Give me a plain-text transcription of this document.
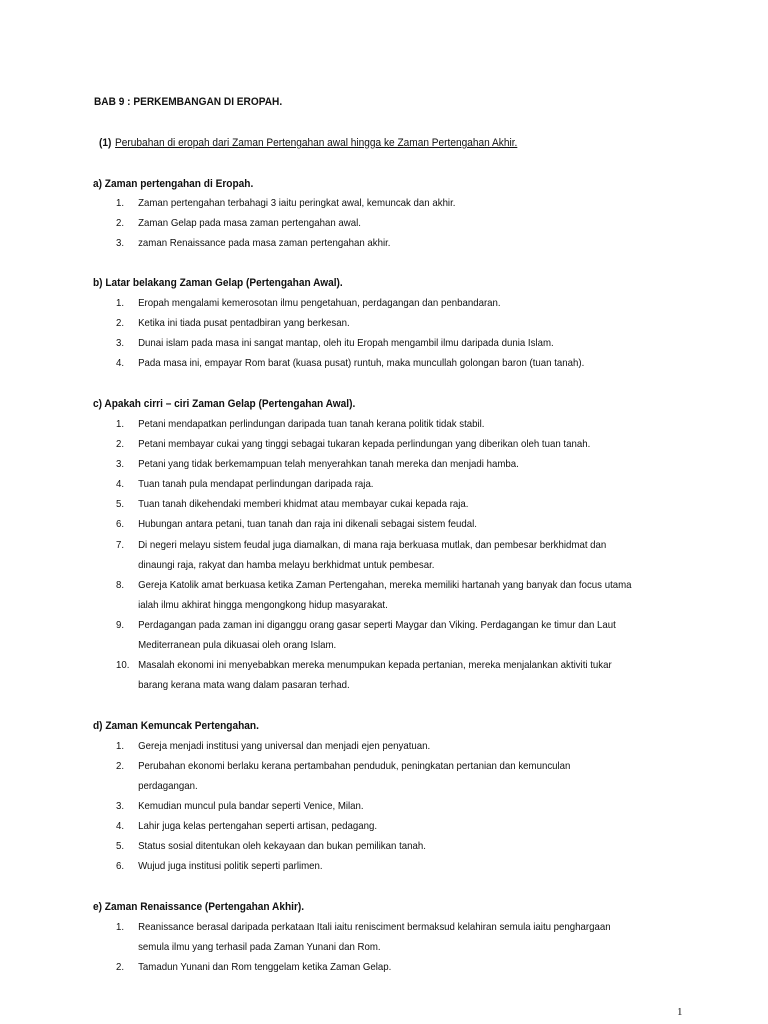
BAB 9 : PERKEMBANGAN DI EROPAH.
(1) Perubahan di eropah dari Zaman Pertengahan awal hingga ke Zaman Pertengahan Akhir.
a) Zaman pertengahan di Eropah.
1. Zaman pertengahan terbahagi 3 iaitu peringkat awal, kemuncak dan akhir.
2. Zaman Gelap pada masa zaman pertengahan awal.
3. zaman Renaissance pada masa zaman pertengahan akhir.
b) Latar belakang Zaman Gelap (Pertengahan Awal).
1. Eropah mengalami kemerosotan ilmu pengetahuan, perdagangan dan penbandaran.
2. Ketika ini tiada pusat pentadbiran yang berkesan.
3. Dunai islam pada masa ini sangat mantap, oleh itu Eropah mengambil ilmu daripada dunia Islam.
4. Pada masa ini, empayar Rom barat (kuasa pusat) runtuh, maka muncullah golongan baron (tuan tanah).
c) Apakah cirri – ciri Zaman Gelap (Pertengahan Awal).
1. Petani mendapatkan perlindungan daripada tuan tanah kerana politik tidak stabil.
2. Petani membayar cukai yang tinggi sebagai tukaran kepada perlindungan yang diberikan oleh tuan tanah.
3. Petani yang tidak berkemampuan telah menyerahkan tanah mereka dan menjadi hamba.
4. Tuan tanah pula mendapat perlindungan daripada raja.
5. Tuan tanah dikehendaki memberi khidmat atau membayar cukai kepada raja.
6. Hubungan antara petani, tuan tanah dan raja ini dikenali sebagai sistem feudal.
7. Di negeri melayu sistem feudal juga diamalkan, di mana raja berkuasa mutlak, dan pembesar berkhidmat dan
dinaungi raja, rakyat dan hamba melayu berkhidmat untuk pembesar.
8. Gereja Katolik amat berkuasa ketika Zaman Pertengahan, mereka memiliki hartanah yang banyak dan focus utama
ialah ilmu akhirat hingga mengongkong hidup masyarakat.
9. Perdagangan pada zaman ini diganggu orang gasar seperti Maygar dan Viking. Perdagangan ke timur dan Laut
Mediterranean pula dikuasai oleh orang Islam.
10. Masalah ekonomi ini menyebabkan mereka menumpukan kepada pertanian, mereka menjalankan aktiviti tukar
barang kerana mata wang dalam pasaran terhad.
d) Zaman Kemuncak Pertengahan.
1. Gereja menjadi institusi yang universal dan menjadi ejen penyatuan.
2. Perubahan ekonomi berlaku kerana pertambahan penduduk, peningkatan pertanian dan kemunculan
perdagangan.
3. Kemudian muncul pula bandar seperti Venice, Milan.
4. Lahir juga kelas pertengahan seperti artisan, pedagang.
5. Status sosial ditentukan oleh kekayaan dan bukan pemilikan tanah.
6. Wujud juga institusi politik seperti parlimen.
e) Zaman Renaissance (Pertengahan Akhir).
1. Reanissance berasal daripada perkataan Itali iaitu renisciment bermaksud kelahiran semula iaitu penghargaan
semula ilmu yang terhasil pada Zaman Yunani dan Rom.
2. Tamadun Yunani dan Rom tenggelam ketika Zaman Gelap.
1
